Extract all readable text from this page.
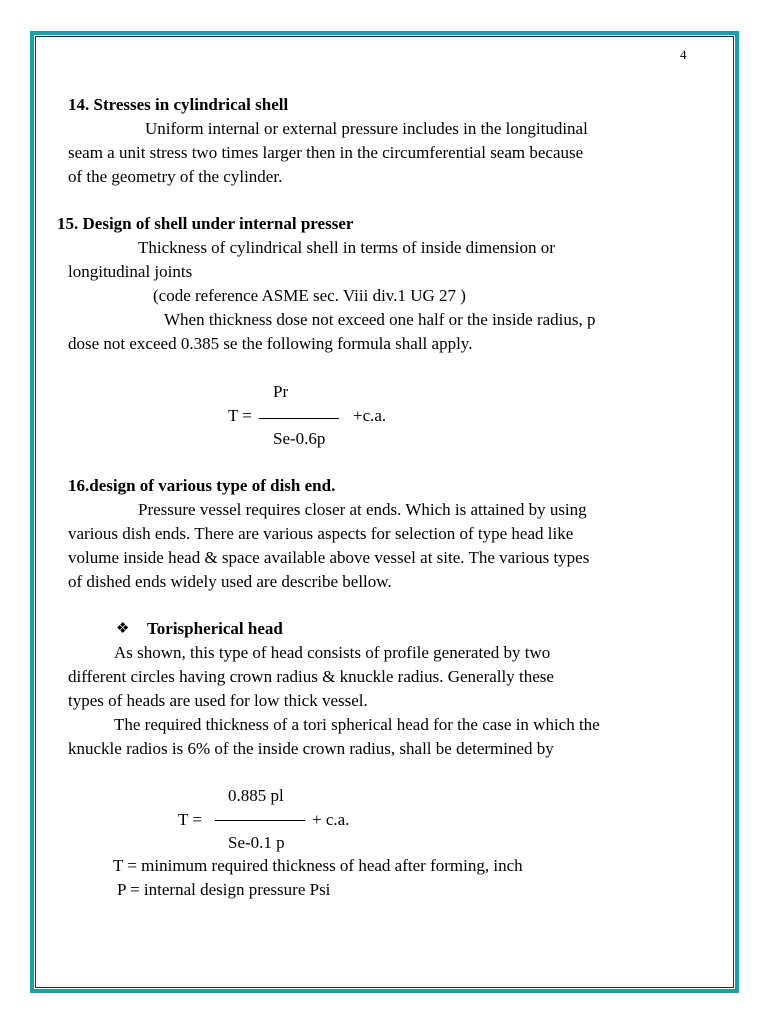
4
14. Stresses in cylindrical shell
Uniform internal or external pressure includes in the longitudinal
seam a unit stress two times larger then in the circumferential seam because
of the geometry of the cylinder.
15. Design of shell under internal presser
Thickness of cylindrical shell in terms of inside dimension or
longitudinal joints
(code reference ASME sec. Viii div.1 UG 27 )
When thickness dose not exceed one half or the inside radius, p
dose not exceed 0.385 se the following formula shall apply.
Pr
T =	+c.a.
Se-0.6p
16.design of various type of dish end.
Pressure vessel requires closer at ends. Which is attained by using
various dish ends. There are various aspects for selection of type head like
volume inside head & space available above vessel at site. The various types
of dished ends widely used are describe bellow.
❖ Torispherical head
As shown, this type of head consists of profile generated by two
different circles having crown radius & knuckle radius. Generally these
types of heads are used for low thick vessel.
The required thickness of a tori spherical head for the case in which the
knuckle radios is 6% of the inside crown radius, shall be determined by
0.885 pl
T =	+ c.a.
Se-0.1 p
T = minimum required thickness of head after forming, inch
P = internal design pressure Psi
